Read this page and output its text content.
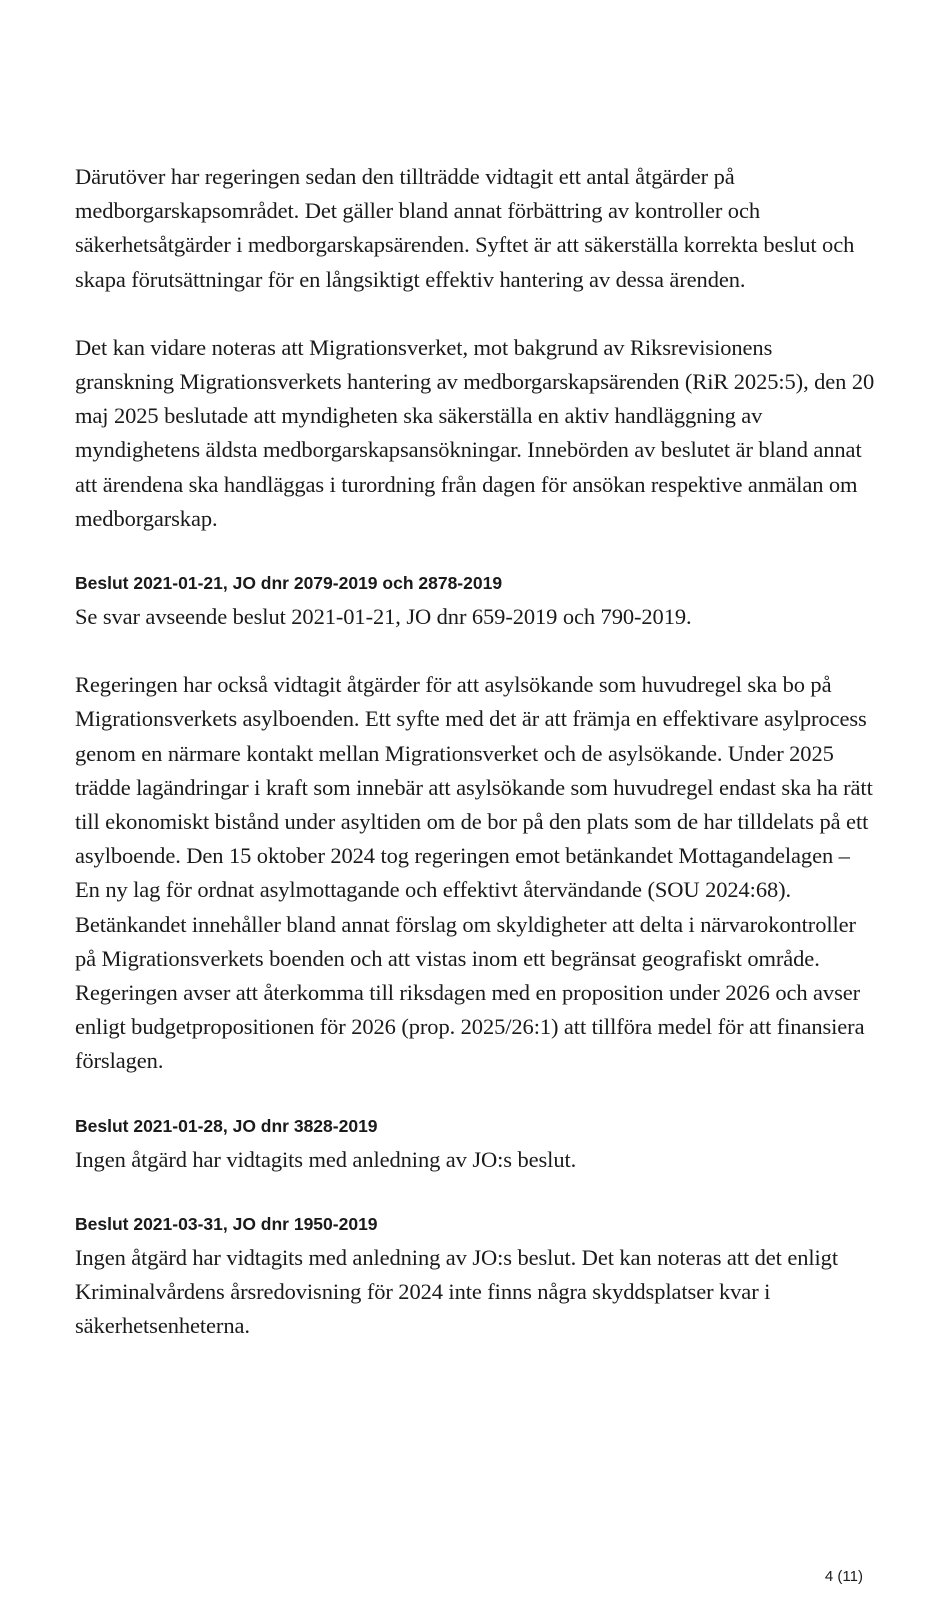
Därutöver har regeringen sedan den tillträdde vidtagit ett antal åtgärder på medborgarskapsområdet. Det gäller bland annat förbättring av kontroller och säkerhetsåtgärder i medborgarskapsärenden. Syftet är att säkerställa korrekta beslut och skapa förutsättningar för en långsiktigt effektiv hantering av dessa ärenden.

Det kan vidare noteras att Migrationsverket, mot bakgrund av Riksrevisionens granskning Migrationsverkets hantering av medborgarskapsärenden (RiR 2025:5), den 20 maj 2025 beslutade att myndigheten ska säkerställa en aktiv handläggning av myndighetens äldsta medborgarskapsansökningar. Innebörden av beslutet är bland annat att ärendena ska handläggas i turordning från dagen för ansökan respektive anmälan om medborgarskap.

Beslut 2021-01-21, JO dnr 2079-2019 och 2878-2019

Se svar avseende beslut 2021-01-21, JO dnr 659-2019 och 790-2019.

Regeringen har också vidtagit åtgärder för att asylsökande som huvudregel ska bo på Migrationsverkets asylboenden. Ett syfte med det är att främja en effektivare asylprocess genom en närmare kontakt mellan Migrationsverket och de asylsökande. Under 2025 trädde lagändringar i kraft som innebär att asylsökande som huvudregel endast ska ha rätt till ekonomiskt bistånd under asyltiden om de bor på den plats som de har tilldelats på ett asylboende. Den 15 oktober 2024 tog regeringen emot betänkandet Mottagandelagen – En ny lag för ordnat asylmottagande och effektivt återvändande (SOU 2024:68). Betänkandet innehåller bland annat förslag om skyldigheter att delta i närvarokontroller på Migrationsverkets boenden och att vistas inom ett begränsat geografiskt område. Regeringen avser att återkomma till riksdagen med en proposition under 2026 och avser enligt budgetpropositionen för 2026 (prop. 2025/26:1) att tillföra medel för att finansiera förslagen.

Beslut 2021-01-28, JO dnr 3828-2019

Ingen åtgärd har vidtagits med anledning av JO:s beslut.

Beslut 2021-03-31, JO dnr 1950-2019

Ingen åtgärd har vidtagits med anledning av JO:s beslut. Det kan noteras att det enligt Kriminalvårdens årsredovisning för 2024 inte finns några skyddsplatser kvar i säkerhetsenheterna.

4 (11)
